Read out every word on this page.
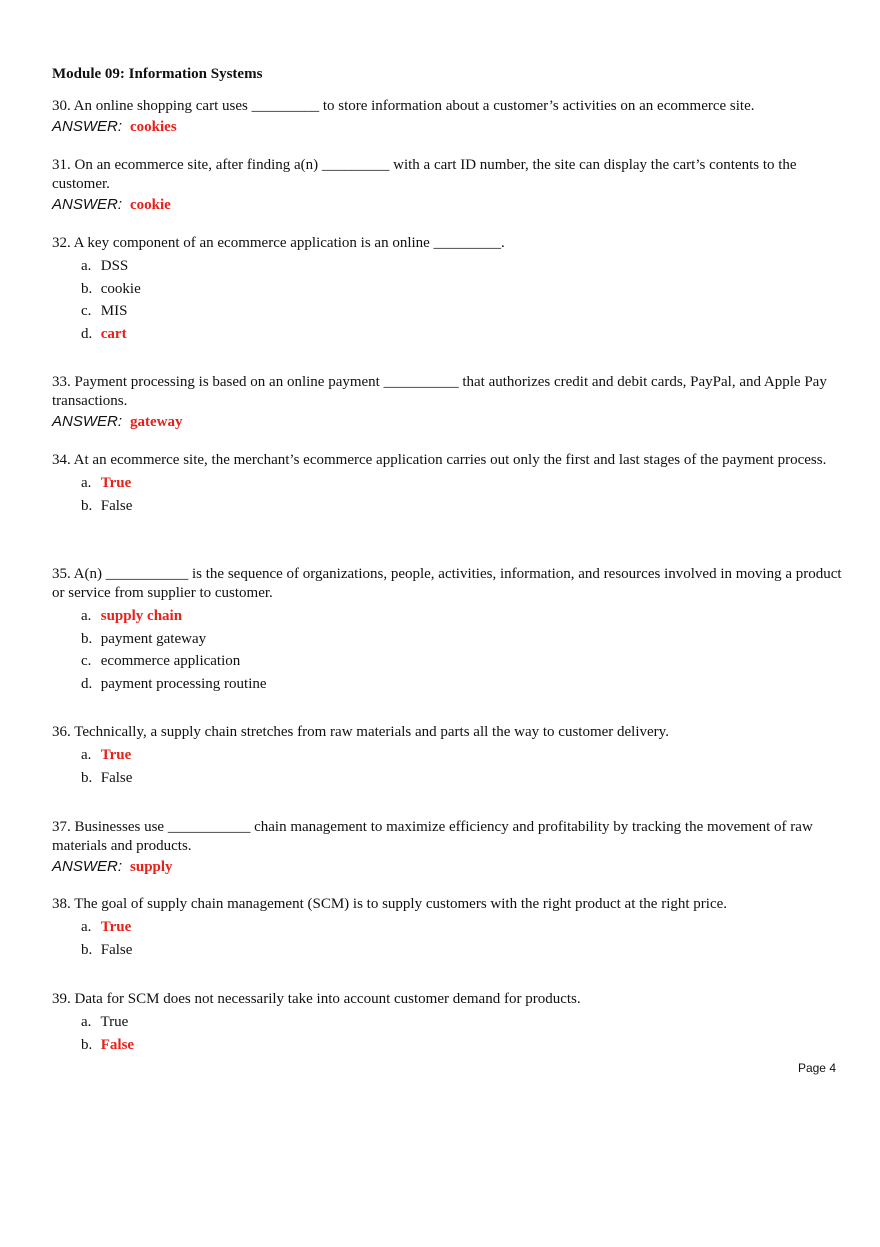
Module 09: Information Systems
30. An online shopping cart uses _________ to store information about a customer’s activities on an ecommerce site.
ANSWER: cookies
31. On an ecommerce site, after finding a(n) _________ with a cart ID number, the site can display the cart’s contents to the customer.
ANSWER: cookie
32. A key component of an ecommerce application is an online _________.
a. DSS
b. cookie
c. MIS
d. cart
33. Payment processing is based on an online payment __________ that authorizes credit and debit cards, PayPal, and Apple Pay transactions.
ANSWER: gateway
34. At an ecommerce site, the merchant’s ecommerce application carries out only the first and last stages of the payment process.
a. True
b. False
35. A(n) ___________ is the sequence of organizations, people, activities, information, and resources involved in moving a product or service from supplier to customer.
a. supply chain
b. payment gateway
c. ecommerce application
d. payment processing routine
36. Technically, a supply chain stretches from raw materials and parts all the way to customer delivery.
a. True
b. False
37. Businesses use ___________ chain management to maximize efficiency and profitability by tracking the movement of raw materials and products.
ANSWER: supply
38. The goal of supply chain management (SCM) is to supply customers with the right product at the right price.
a. True
b. False
39. Data for SCM does not necessarily take into account customer demand for products.
a. True
b. False
Page 4
